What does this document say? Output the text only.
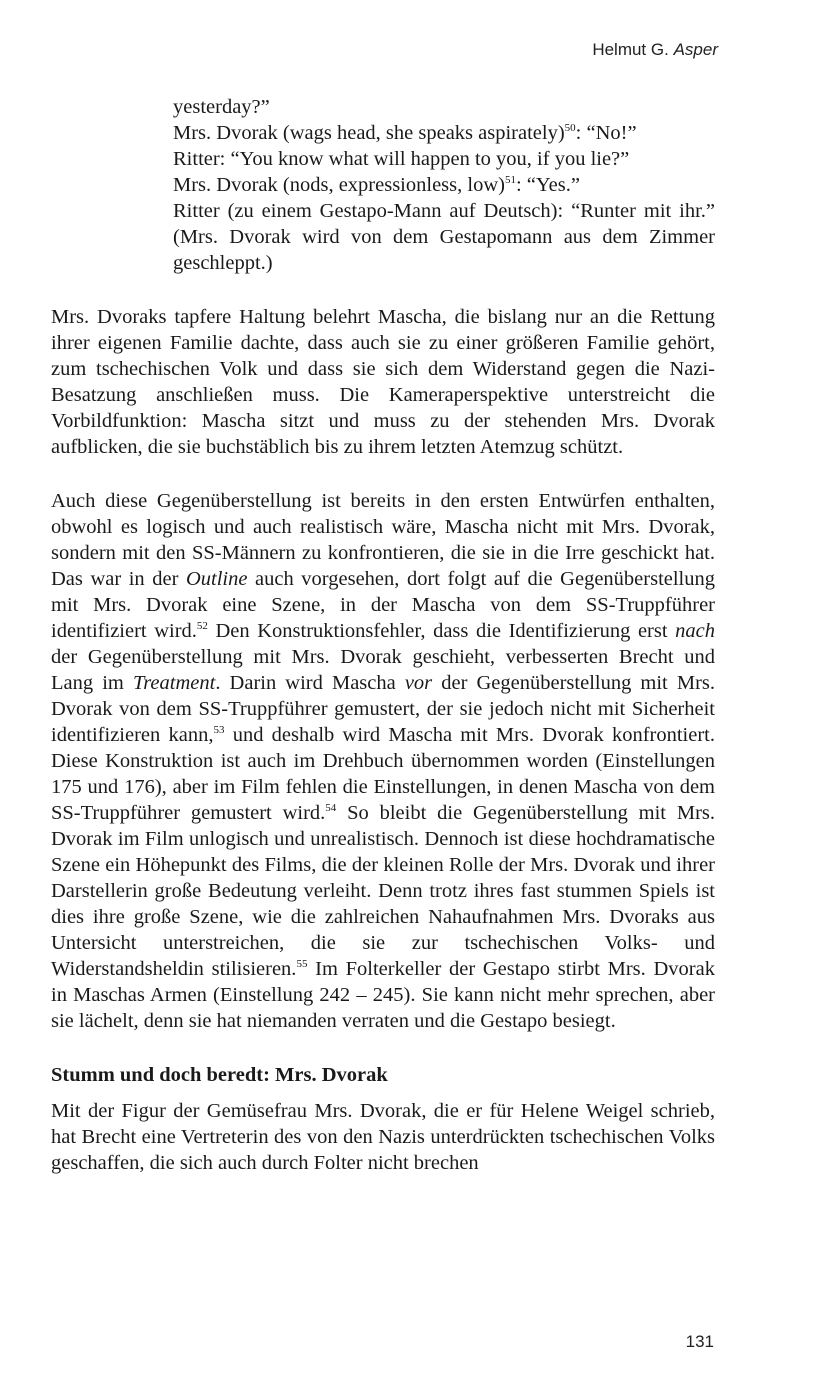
Helmut G. Asper

yesterday?”

Mrs. Dvorak (wags head, she speaks aspirately)$^{50}$: “No!”

Ritter: “You know what will happen to you, if you lie?”

Mrs. Dvorak (nods, expressionless, low)$^{51}$: “Yes.”

Ritter (zu einem Gestapo-Mann auf Deutsch): “Runter mit ihr.” (Mrs. Dvorak wird von dem Gestapomann aus dem Zimmer geschleppt.)

Mrs. Dvoraks tapfere Haltung belehrt Mascha, die bislang nur an die Rettung ihrer eigenen Familie dachte, dass auch sie zu einer größeren Familie gehört, zum tschechischen Volk und dass sie sich dem Widerstand gegen die Nazi-Besatzung anschließen muss. Die Kameraperspektive unterstreicht die Vorbildfunktion: Mascha sitzt und muss zu der stehenden Mrs. Dvorak aufblicken, die sie buchstäblich bis zu ihrem letzten Atemzug schützt.

Auch diese Gegenüberstellung ist bereits in den ersten Entwürfen enthalten, obwohl es logisch und auch realistisch wäre, Mascha nicht mit Mrs. Dvorak, sondern mit den SS-Männern zu konfrontieren, die sie in die Irre geschickt hat. Das war in der Outline auch vorgesehen, dort folgt auf die Gegenüberstellung mit Mrs. Dvorak eine Szene, in der Mascha von dem SS-Truppführer identifiziert wird.$^{52}$ Den Konstruktionsfehler, dass die Identifizierung erst nach der Gegenüberstellung mit Mrs. Dvorak geschieht, verbesserten Brecht und Lang im Treatment. Darin wird Mascha vor der Gegenüberstellung mit Mrs. Dvorak von dem SS-Truppführer gemustert, der sie jedoch nicht mit Sicherheit identifizieren kann,$^{53}$ und deshalb wird Mascha mit Mrs. Dvorak konfrontiert. Diese Konstruktion ist auch im Drehbuch übernommen worden (Einstellungen 175 und 176), aber im Film fehlen die Einstellungen, in denen Mascha von dem SS-Truppführer gemustert wird.$^{54}$ So bleibt die Gegenüberstellung mit Mrs. Dvorak im Film unlogisch und unrealistisch. Dennoch ist diese hochdramatische Szene ein Höhepunkt des Films, die der kleinen Rolle der Mrs. Dvorak und ihrer Darstellerin große Bedeutung verleiht. Denn trotz ihres fast stummen Spiels ist dies ihre große Szene, wie die zahlreichen Nahaufnahmen Mrs. Dvoraks aus Untersicht unterstreichen, die sie zur tschechischen Volks- und Widerstandsheldin stilisieren.$^{55}$ Im Folterkeller der Gestapo stirbt Mrs. Dvorak in Maschas Armen (Einstellung 242 – 245). Sie kann nicht mehr sprechen, aber sie lächelt, denn sie hat niemanden verraten und die Gestapo besiegt.

Stumm und doch beredt: Mrs. Dvorak

Mit der Figur der Gemüsefrau Mrs. Dvorak, die er für Helene Weigel schrieb, hat Brecht eine Vertreterin des von den Nazis unterdrückten tschechischen Volks geschaffen, die sich auch durch Folter nicht brechen

131
